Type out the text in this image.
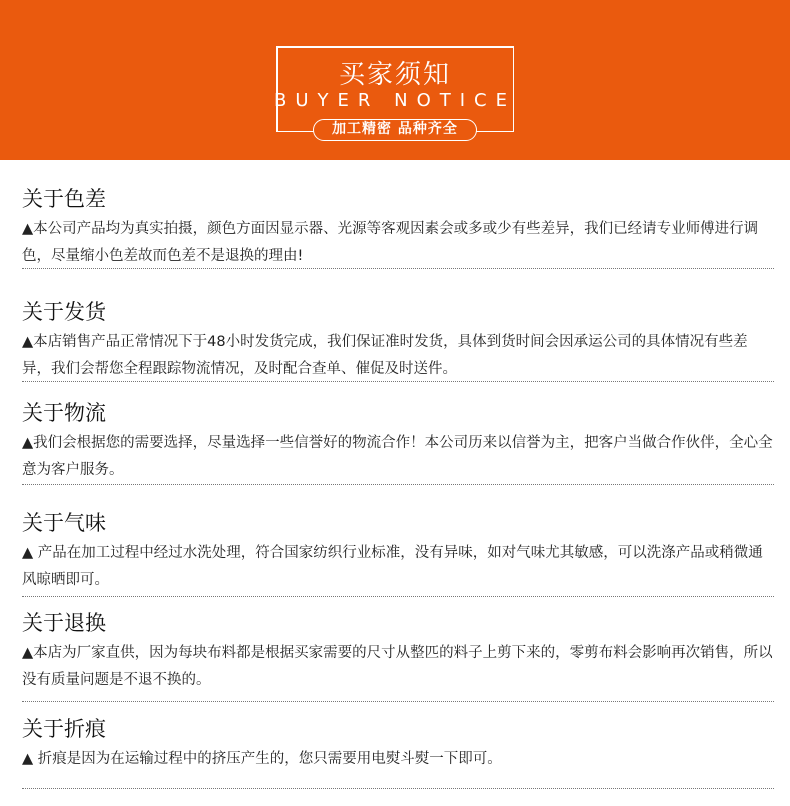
买家须知
BUYER NOTICE
加工精密 品种齐全
关于色差

▲本公司产品均为真实拍摄，颜色方面因显示器、光源等客观因素会或多或少有些差异，我们已经请专业师傅进行调色，尽量缩小色差故而色差不是退换的理由!

关于发货

▲本店销售产品正常情况下于48小时发货完成，我们保证准时发货，具体到货时间会因承运公司的具体情况有些差异，我们会帮您全程跟踪物流情况，及时配合查单、催促及时送件。

关于物流

▲我们会根据您的需要选择，尽量选择一些信誉好的物流合作！本公司历来以信誉为主，把客户当做合作伙伴，全心全意为客户服务。

关于气味

▲ 产品在加工过程中经过水洗处理，符合国家纺织行业标准，没有异味，如对气味尤其敏感，可以洗涤产品或稍微通风晾晒即可。

关于退换

▲本店为厂家直供，因为每块布料都是根据买家需要的尺寸从整匹的料子上剪下来的，零剪布料会影响再次销售，所以没有质量问题是不退不换的。

关于折痕

▲ 折痕是因为在运输过程中的挤压产生的，您只需要用电熨斗熨一下即可。
